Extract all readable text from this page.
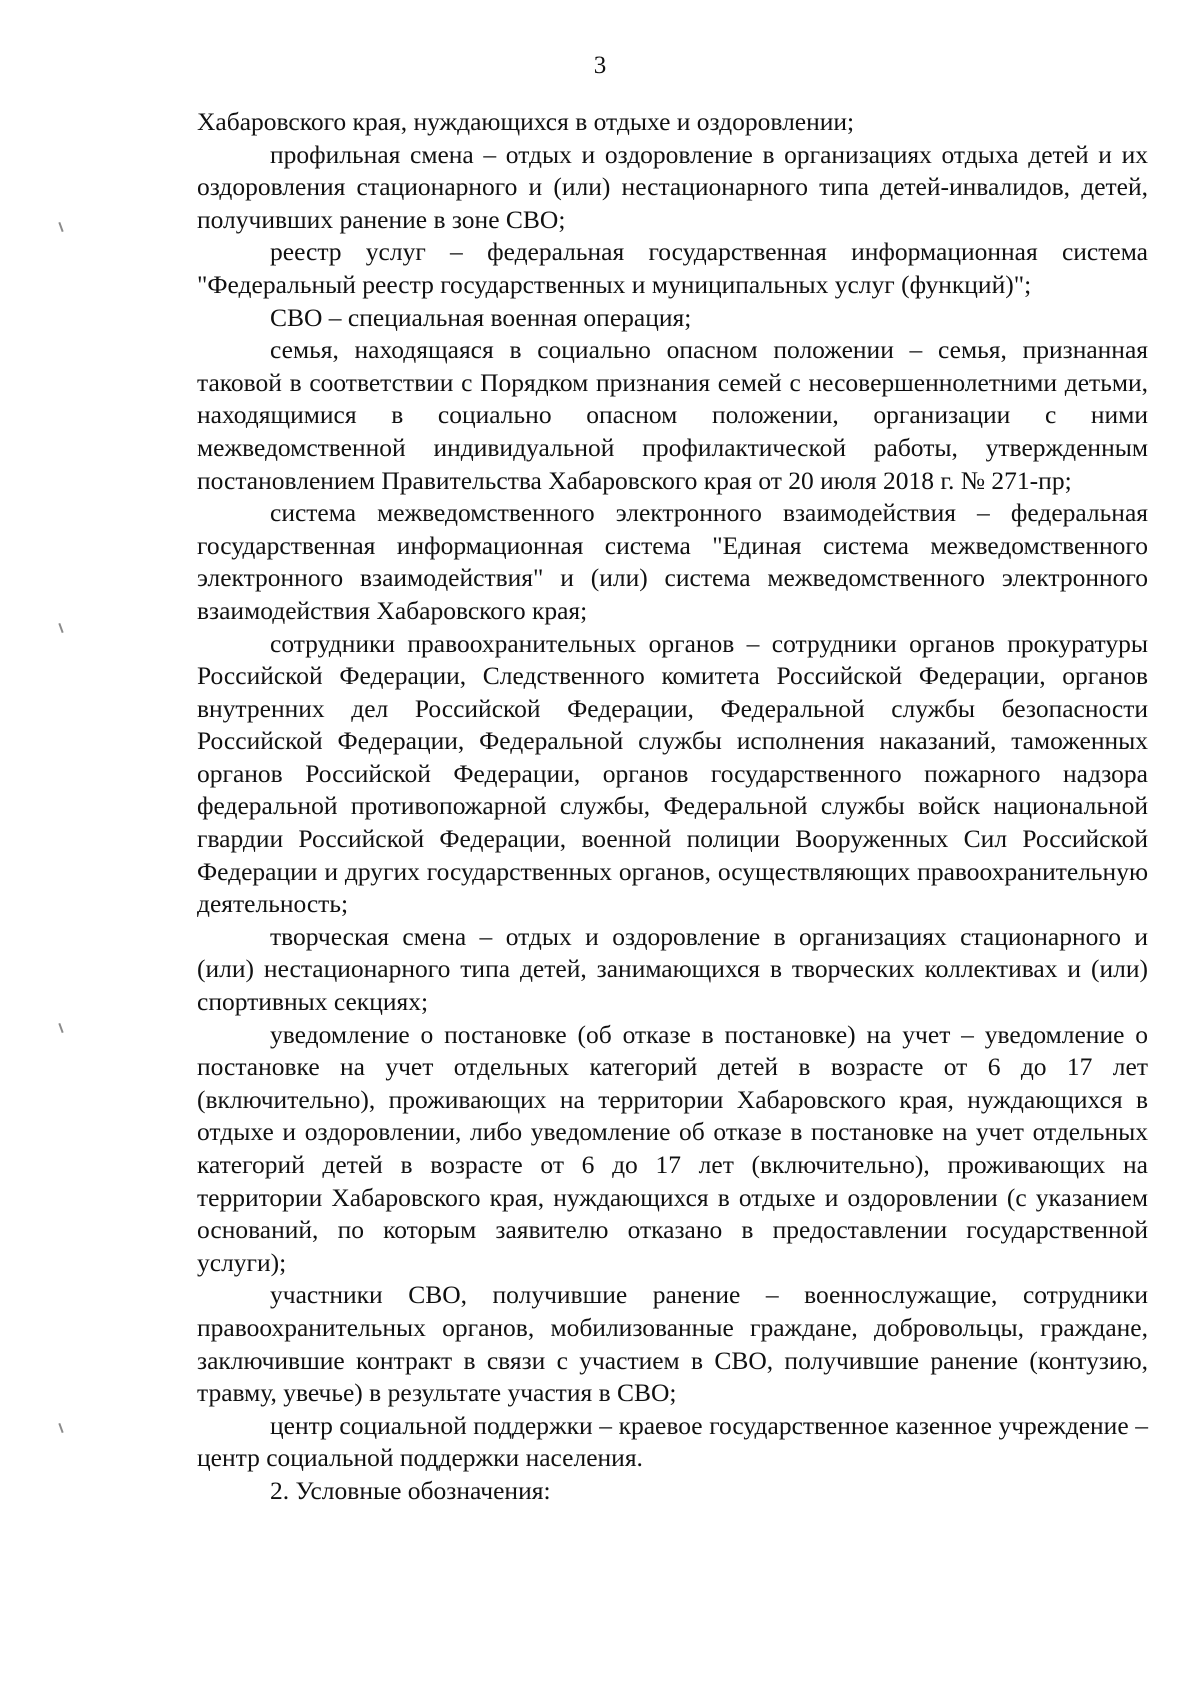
3

Хабаровского края, нуждающихся в отдыхе и оздоровлении;

профильная смена – отдых и оздоровление в организациях отдыха детей и их оздоровления стационарного и (или) нестационарного типа детей-инвалидов, детей, получивших ранение в зоне СВО;

реестр услуг – федеральная государственная информационная система "Федеральный реестр государственных и муниципальных услуг (функций)";

СВО – специальная военная операция;

семья, находящаяся в социально опасном положении – семья, признанная таковой в соответствии с Порядком признания семей с несовершеннолетними детьми, находящимися в социально опасном положении, организации с ними межведомственной индивидуальной профилактической работы, утвержденным постановлением Правительства Хабаровского края от 20 июля 2018 г. № 271-пр;

система межведомственного электронного взаимодействия – федеральная государственная информационная система "Единая система межведомственного электронного взаимодействия" и (или) система межведомственного электронного взаимодействия Хабаровского края;

сотрудники правоохранительных органов – сотрудники органов прокуратуры Российской Федерации, Следственного комитета Российской Федерации, органов внутренних дел Российской Федерации, Федеральной службы безопасности Российской Федерации, Федеральной службы исполнения наказаний, таможенных органов Российской Федерации, органов государственного пожарного надзора федеральной противопожарной службы, Федеральной службы войск национальной гвардии Российской Федерации, военной полиции Вооруженных Сил Российской Федерации и других государственных органов, осуществляющих правоохранительную деятельность;

творческая смена – отдых и оздоровление в организациях стационарного и (или) нестационарного типа детей, занимающихся в творческих коллективах и (или) спортивных секциях;

уведомление о постановке (об отказе в постановке) на учет – уведомление о постановке на учет отдельных категорий детей в возрасте от 6 до 17 лет (включительно), проживающих на территории Хабаровского края, нуждающихся в отдыхе и оздоровлении, либо уведомление об отказе в постановке на учет отдельных категорий детей в возрасте от 6 до 17 лет (включительно), проживающих на территории Хабаровского края, нуждающихся в отдыхе и оздоровлении (с указанием оснований, по которым заявителю отказано в предоставлении государственной услуги);

участники СВО, получившие ранение – военнослужащие, сотрудники правоохранительных органов, мобилизованные граждане, добровольцы, граждане, заключившие контракт в связи с участием в СВО, получившие ранение (контузию, травму, увечье) в результате участия в СВО;

центр социальной поддержки – краевое государственное казенное учреждение – центр социальной поддержки населения.

2. Условные обозначения:
